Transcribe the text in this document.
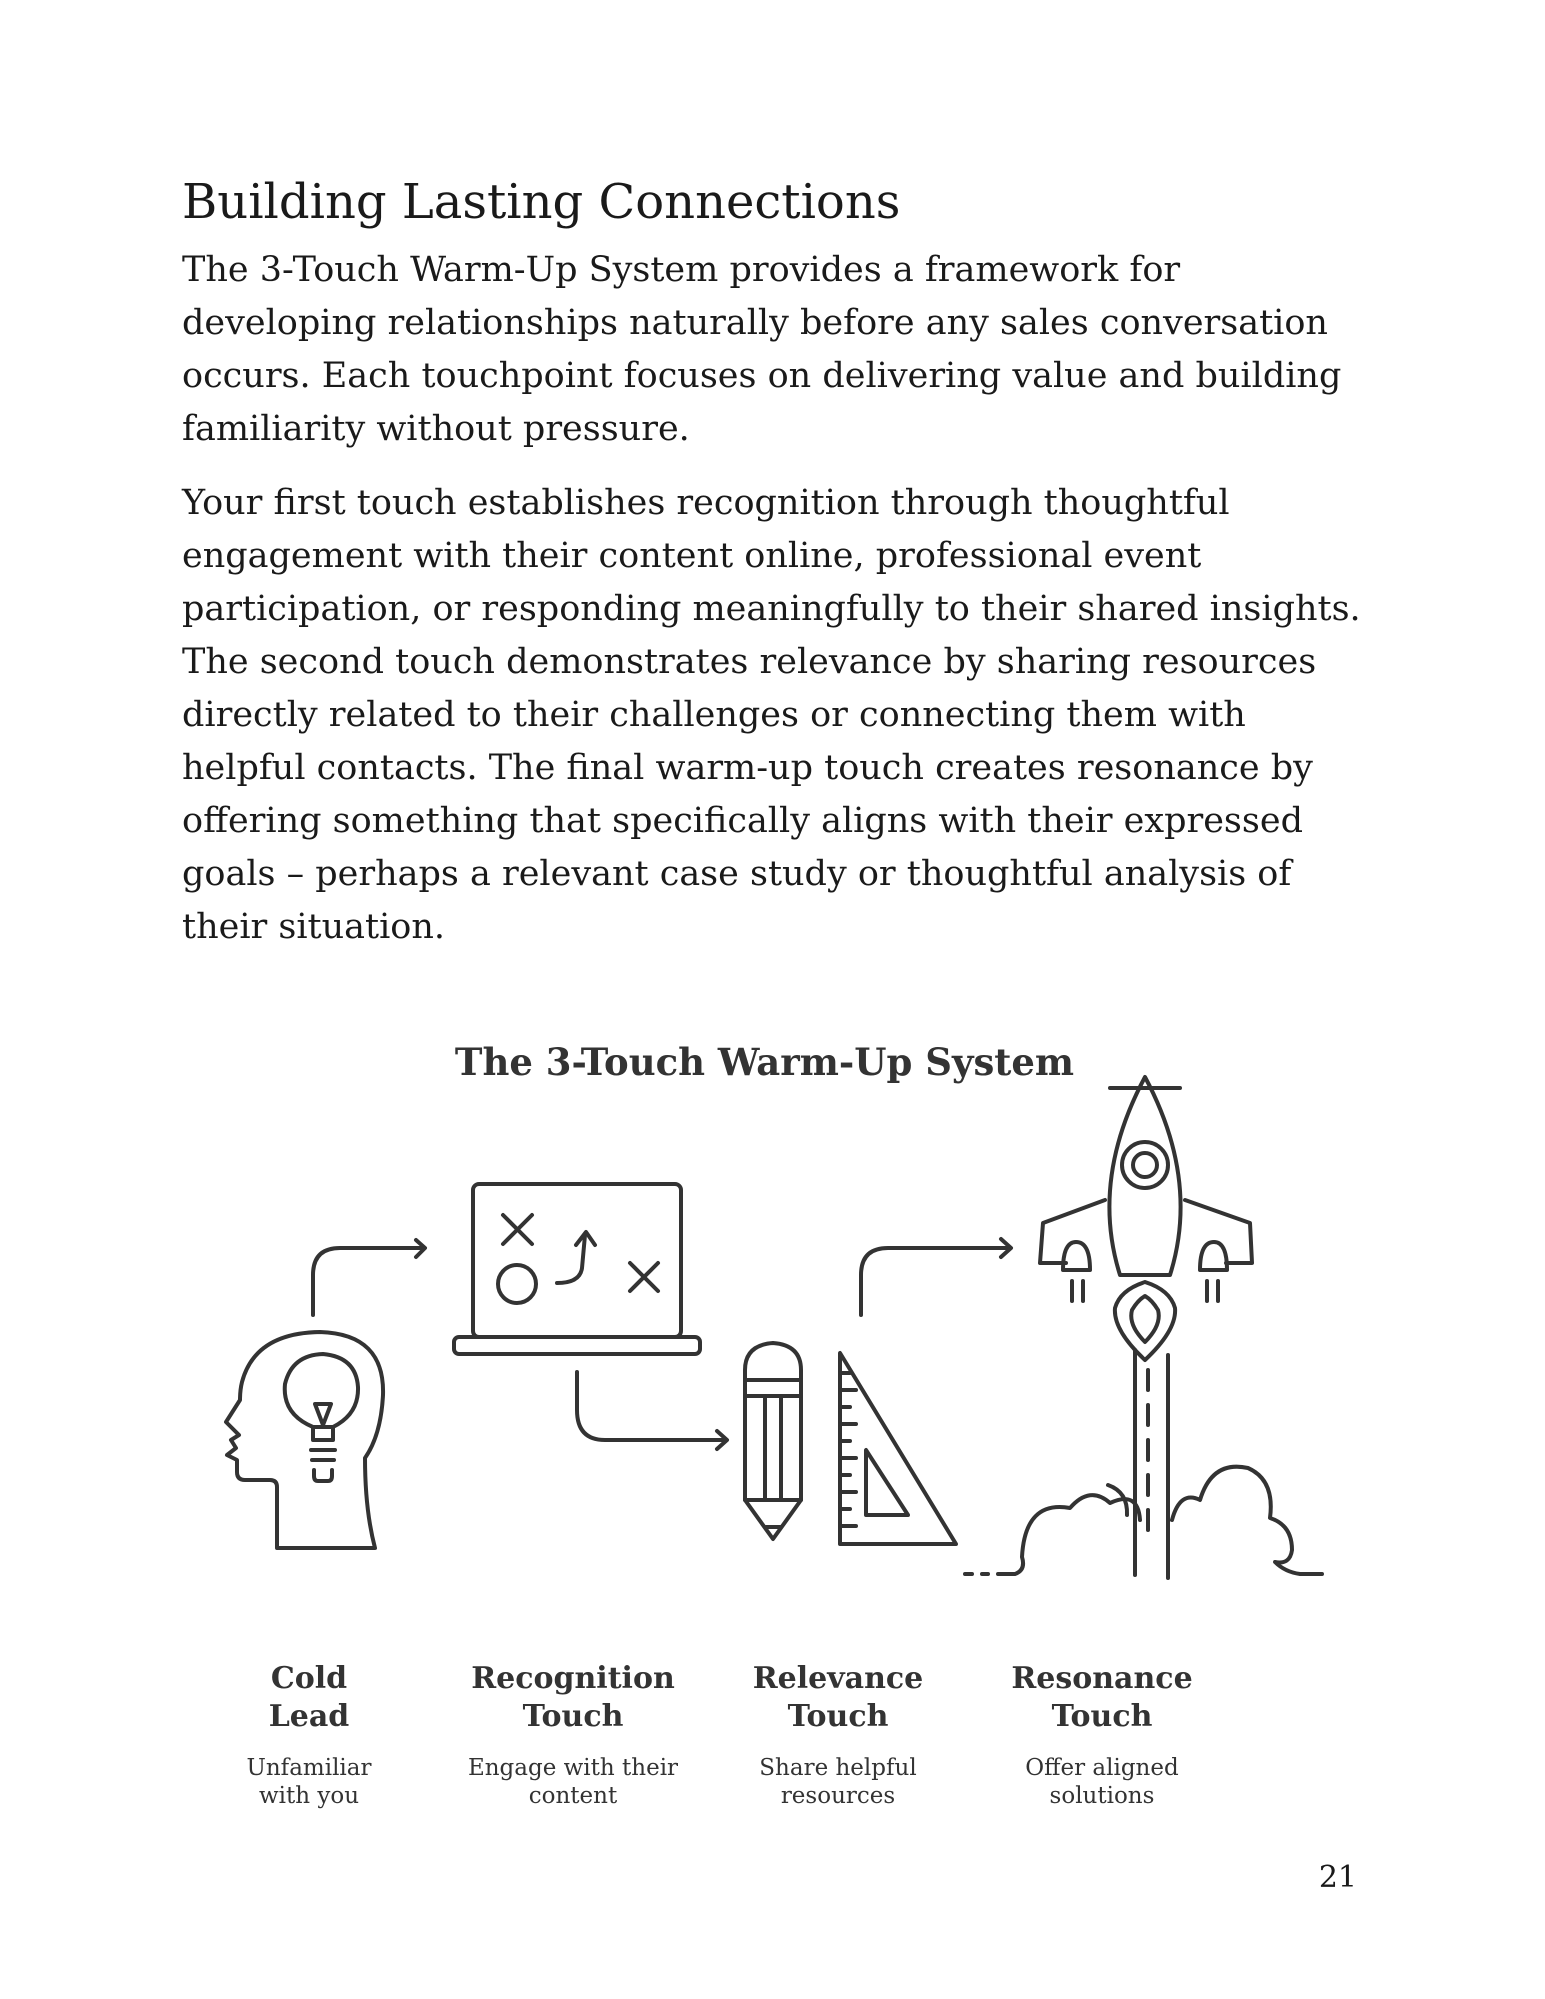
Building Lasting Connections

The 3-Touch Warm-Up System provides a framework for
developing relationships naturally before any sales conversation
occurs. Each touchpoint focuses on delivering value and building
familiarity without pressure.

Your first touch establishes recognition through thoughtful
engagement with their content online, professional event
participation, or responding meaningfully to their shared insights.
The second touch demonstrates relevance by sharing resources
directly related to their challenges or connecting them with
helpful contacts. The final warm-up touch creates resonance by
offering something that specifically aligns with their expressed
goals – perhaps a relevant case study or thoughtful analysis of
their situation.

The 3-Touch Warm-Up System
Cold
Lead
Unfamiliar
with you
Recognition
Touch
Engage with their
content
Relevance
Touch
Share helpful
resources
Resonance
Touch
Offer aligned
solutions
21
